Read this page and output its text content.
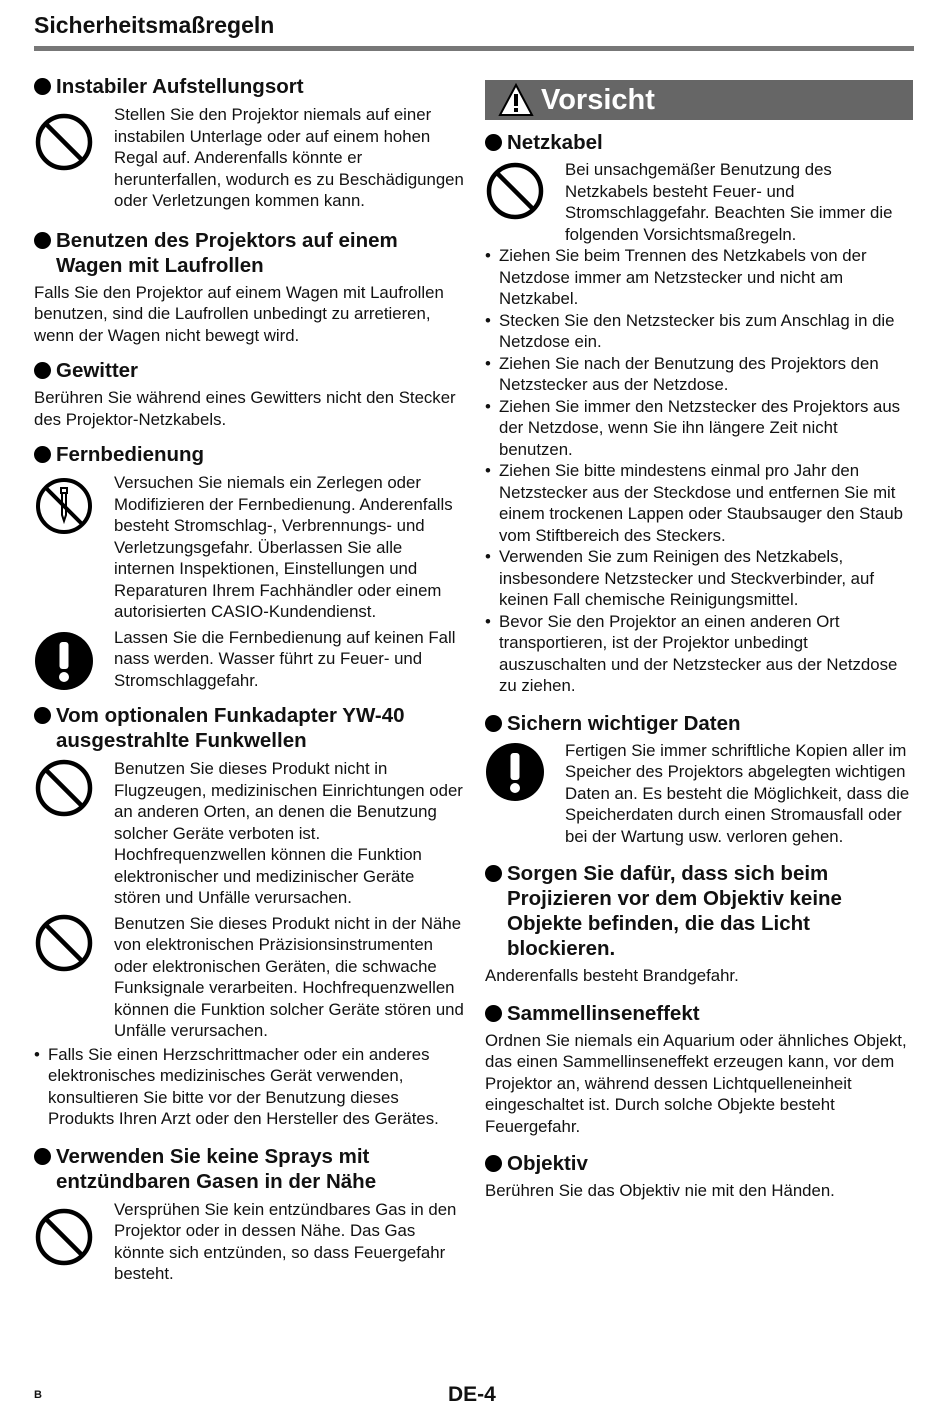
Sicherheitsmaßregeln
Instabiler Aufstellungsort

Stellen Sie den Projektor niemals auf einer instabilen Unterlage oder auf einem hohen Regal auf. Anderenfalls könnte er herunterfallen, wodurch es zu Beschädigungen oder Verletzungen kommen kann.

Benutzen des Projektors auf einem Wagen mit Laufrollen

Falls Sie den Projektor auf einem Wagen mit Laufrollen benutzen, sind die Laufrollen unbedingt zu arretieren, wenn der Wagen nicht bewegt wird.

Gewitter

Berühren Sie während eines Gewitters nicht den Stecker des Projektor-Netzkabels.

Fernbedienung

Versuchen Sie niemals ein Zerlegen oder Modifizieren der Fernbedienung. Anderenfalls besteht Stromschlag-, Verbrennungs- und Verletzungsgefahr. Überlassen Sie alle internen Inspektionen, Einstellungen und Reparaturen Ihrem Fachhändler oder einem autorisierten CASIO-Kundendienst.

Lassen Sie die Fernbedienung auf keinen Fall nass werden. Wasser führt zu Feuer- und Stromschlaggefahr.

Vom optionalen Funkadapter YW-40 ausgestrahlte Funkwellen

Benutzen Sie dieses Produkt nicht in Flugzeugen, medizinischen Einrichtungen oder an anderen Orten, an denen die Benutzung solcher Geräte verboten ist. Hochfrequenzwellen können die Funktion elektronischer und medizinischer Geräte stören und Unfälle verursachen.

Benutzen Sie dieses Produkt nicht in der Nähe von elektronischen Präzisionsinstrumenten oder elektronischen Geräten, die schwache Funksignale verarbeiten. Hochfrequenzwellen können die Funktion solcher Geräte stören und Unfälle verursachen.

• Falls Sie einen Herzschrittmacher oder ein anderes elektronisches medizinisches Gerät verwenden, konsultieren Sie bitte vor der Benutzung dieses Produkts Ihren Arzt oder den Hersteller des Gerätes.
Verwenden Sie keine Sprays mit entzündbaren Gasen in der Nähe

Versprühen Sie kein entzündbares Gas in den Projektor oder in dessen Nähe. Das Gas könnte sich entzünden, so dass Feuergefahr besteht.

Vorsicht
Netzkabel

Bei unsachgemäßer Benutzung des Netzkabels besteht Feuer- und Stromschlaggefahr. Beachten Sie immer die folgenden Vorsichtsmaßregeln.

• Ziehen Sie beim Trennen des Netzkabels von der Netzdose immer am Netzstecker und nicht am Netzkabel.
• Stecken Sie den Netzstecker bis zum Anschlag in die Netzdose ein.
• Ziehen Sie nach der Benutzung des Projektors den Netzstecker aus der Netzdose.
• Ziehen Sie immer den Netzstecker des Projektors aus der Netzdose, wenn Sie ihn längere Zeit nicht benutzen.
• Ziehen Sie bitte mindestens einmal pro Jahr den Netzstecker aus der Steckdose und entfernen Sie mit einem trockenen Lappen oder Staubsauger den Staub vom Stiftbereich des Steckers.
• Verwenden Sie zum Reinigen des Netzkabels, insbesondere Netzstecker und Steckverbinder, auf keinen Fall chemische Reinigungsmittel.
• Bevor Sie den Projektor an einen anderen Ort transportieren, ist der Projektor unbedingt auszuschalten und der Netzstecker aus der Netzdose zu ziehen.
Sichern wichtiger Daten

Fertigen Sie immer schriftliche Kopien aller im Speicher des Projektors abgelegten wichtigen Daten an. Es besteht die Möglichkeit, dass die Speicherdaten durch einen Stromausfall oder bei der Wartung usw. verloren gehen.

Sorgen Sie dafür, dass sich beim Projizieren vor dem Objektiv keine Objekte befinden, die das Licht blockieren.

Anderenfalls besteht Brandgefahr.

Sammellinseneffekt

Ordnen Sie niemals ein Aquarium oder ähnliches Objekt, das einen Sammellinseneffekt erzeugen kann, vor dem Projektor an, während dessen Lichtquelleneinheit eingeschaltet ist. Durch solche Objekte besteht Feuergefahr.

Objektiv

Berühren Sie das Objektiv nie mit den Händen.

B	DE-4
